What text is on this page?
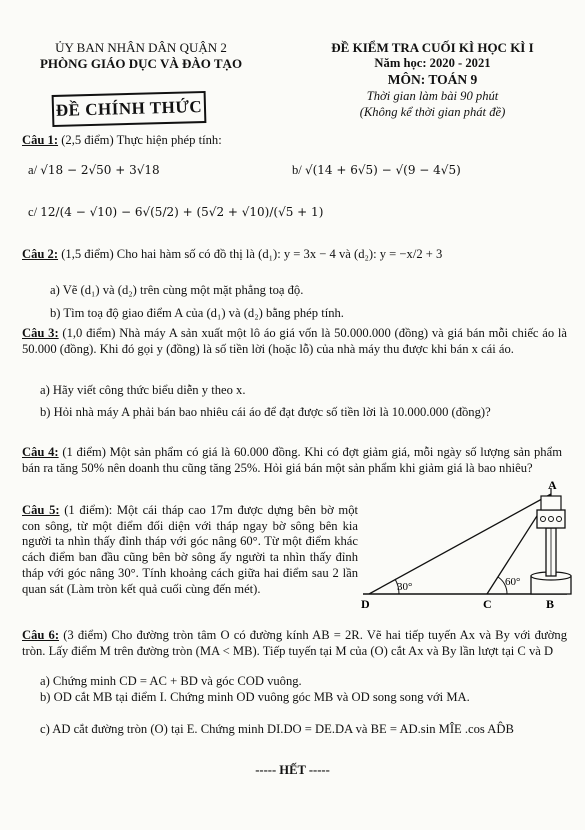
ỦY BAN NHÂN DÂN QUẬN 2
PHÒNG GIÁO DỤC VÀ ĐÀO TẠO
ĐỀ CHÍNH THỨC
ĐỀ KIỂM TRA CUỐI KÌ HỌC KÌ I
Năm học: 2020 - 2021
MÔN: TOÁN 9
Thời gian làm bài 90 phút
(Không kể thời gian phát đề)
Câu 1: (2,5 điểm) Thực hiện phép tính:
a/ √18 − 2√50 + 3√18	b/ √(14 + 6√5) − √(9 − 4√5)
c/ 12/(4 − √10) − 6√(5/2) + (5√2 + √10)/(√5 + 1)
Câu 2: (1,5 điểm) Cho hai hàm số có đồ thị là (d₁): y = 3x − 4 và (d₂): y = −x/2 + 3
a) Vẽ (d₁) và (d₂) trên cùng một mặt phẳng toạ độ.
b) Tìm toạ độ giao điểm A của (d₁) và (d₂) bằng phép tính.
Câu 3: (1,0 điểm) Nhà máy A sản xuất một lô áo giá vốn là 50.000.000 (đồng) và giá bán mỗi chiếc áo là 50.000 (đồng). Khi đó gọi y (đồng) là số tiền lời (hoặc lỗ) của nhà máy thu được khi bán x cái áo.
a) Hãy viết công thức biểu diễn y theo x.
b) Hỏi nhà máy A phải bán bao nhiêu cái áo để đạt được số tiền lời là 10.000.000 (đồng)?
Câu 4: (1 điểm) Một sản phẩm có giá là 60.000 đồng. Khi có đợt giảm giá, mỗi ngày số lượng sản phẩm bán ra tăng 50% nên doanh thu cũng tăng 25%. Hỏi giá bán một sản phẩm khi giảm giá là bao nhiêu?
Câu 5: (1 điểm): Một cái tháp cao 17m được dựng bên bờ một con sông, từ một điểm đối diện với tháp ngay bờ sông bên kia người ta nhìn thấy đỉnh tháp với góc nâng 60°. Từ một điểm khác cách điểm ban đầu cũng bên bờ sông ấy người ta nhìn thấy đỉnh tháp với góc nâng 30°. Tính khoảng cách giữa hai điểm sau 2 lần quan sát (Làm tròn kết quả cuối cùng đến mét).
A
B
C
D
30°	60°
Câu 6: (3 điểm) Cho đường tròn tâm O có đường kính AB = 2R. Vẽ hai tiếp tuyến Ax và By với đường tròn. Lấy điểm M trên đường tròn (MA < MB). Tiếp tuyến tại M của (O) cắt Ax và By lần lượt tại C và D
a) Chứng minh CD = AC + BD và góc COD vuông.
b) OD cắt MB tại điểm I. Chứng minh OD vuông góc MB và OD song song với MA.
c) AD cắt đường tròn (O) tại E. Chứng minh DI.DO = DE.DA và BE = AD.sin MÎE .cos AD̂B
----- HẾT -----
